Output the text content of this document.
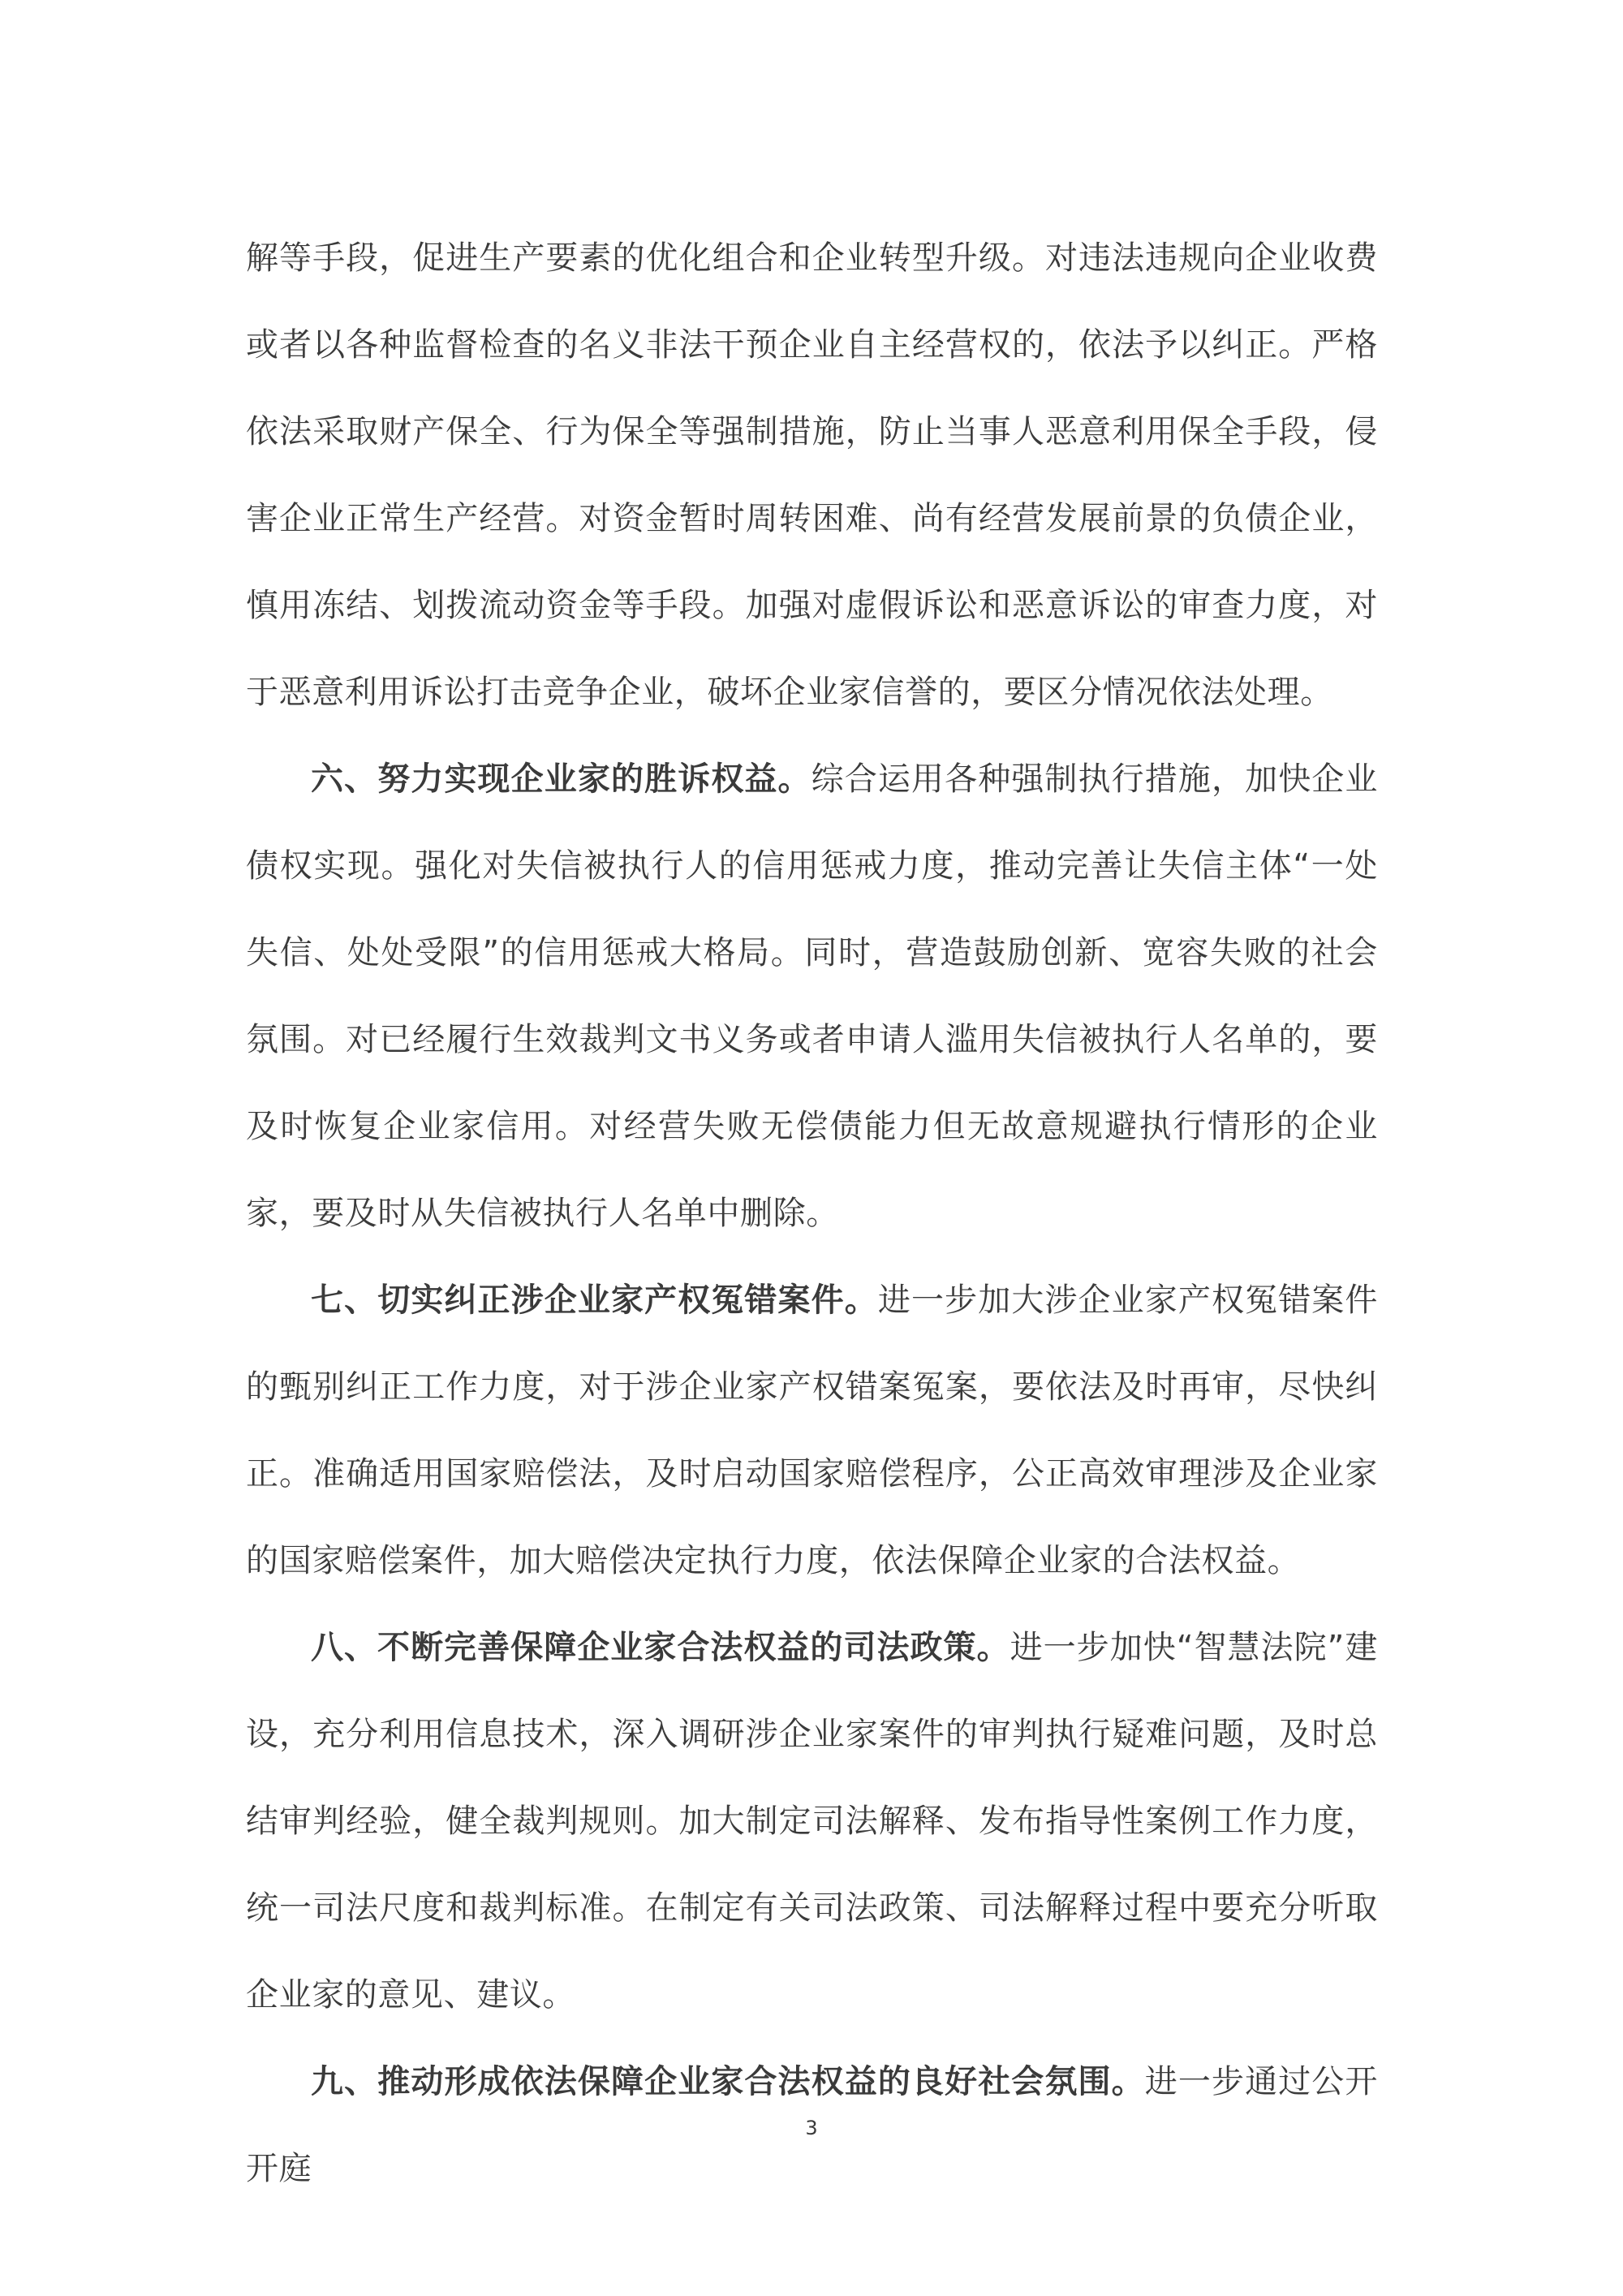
解等手段，促进生产要素的优化组合和企业转型升级。对违法违规向企业收费或者以各种监督检查的名义非法干预企业自主经营权的，依法予以纠正。严格依法采取财产保全、行为保全等强制措施，防止当事人恶意利用保全手段，侵害企业正常生产经营。对资金暂时周转困难、尚有经营发展前景的负债企业，慎用冻结、划拨流动资金等手段。加强对虚假诉讼和恶意诉讼的审查力度，对于恶意利用诉讼打击竞争企业，破坏企业家信誉的，要区分情况依法处理。

六、努力实现企业家的胜诉权益。综合运用各种强制执行措施，加快企业债权实现。强化对失信被执行人的信用惩戒力度，推动完善让失信主体“一处失信、处处受限”的信用惩戒大格局。同时，营造鼓励创新、宽容失败的社会氛围。对已经履行生效裁判文书义务或者申请人滥用失信被执行人名单的，要及时恢复企业家信用。对经营失败无偿债能力但无故意规避执行情形的企业家，要及时从失信被执行人名单中删除。

七、切实纠正涉企业家产权冤错案件。进一步加大涉企业家产权冤错案件的甄别纠正工作力度，对于涉企业家产权错案冤案，要依法及时再审，尽快纠正。准确适用国家赔偿法，及时启动国家赔偿程序，公正高效审理涉及企业家的国家赔偿案件，加大赔偿决定执行力度，依法保障企业家的合法权益。

八、不断完善保障企业家合法权益的司法政策。进一步加快“智慧法院”建设，充分利用信息技术，深入调研涉企业家案件的审判执行疑难问题，及时总结审判经验，健全裁判规则。加大制定司法解释、发布指导性案例工作力度，统一司法尺度和裁判标准。在制定有关司法政策、司法解释过程中要充分听取企业家的意见、建议。

九、推动形成依法保障企业家合法权益的良好社会氛围。进一步通过公开开庭

3
